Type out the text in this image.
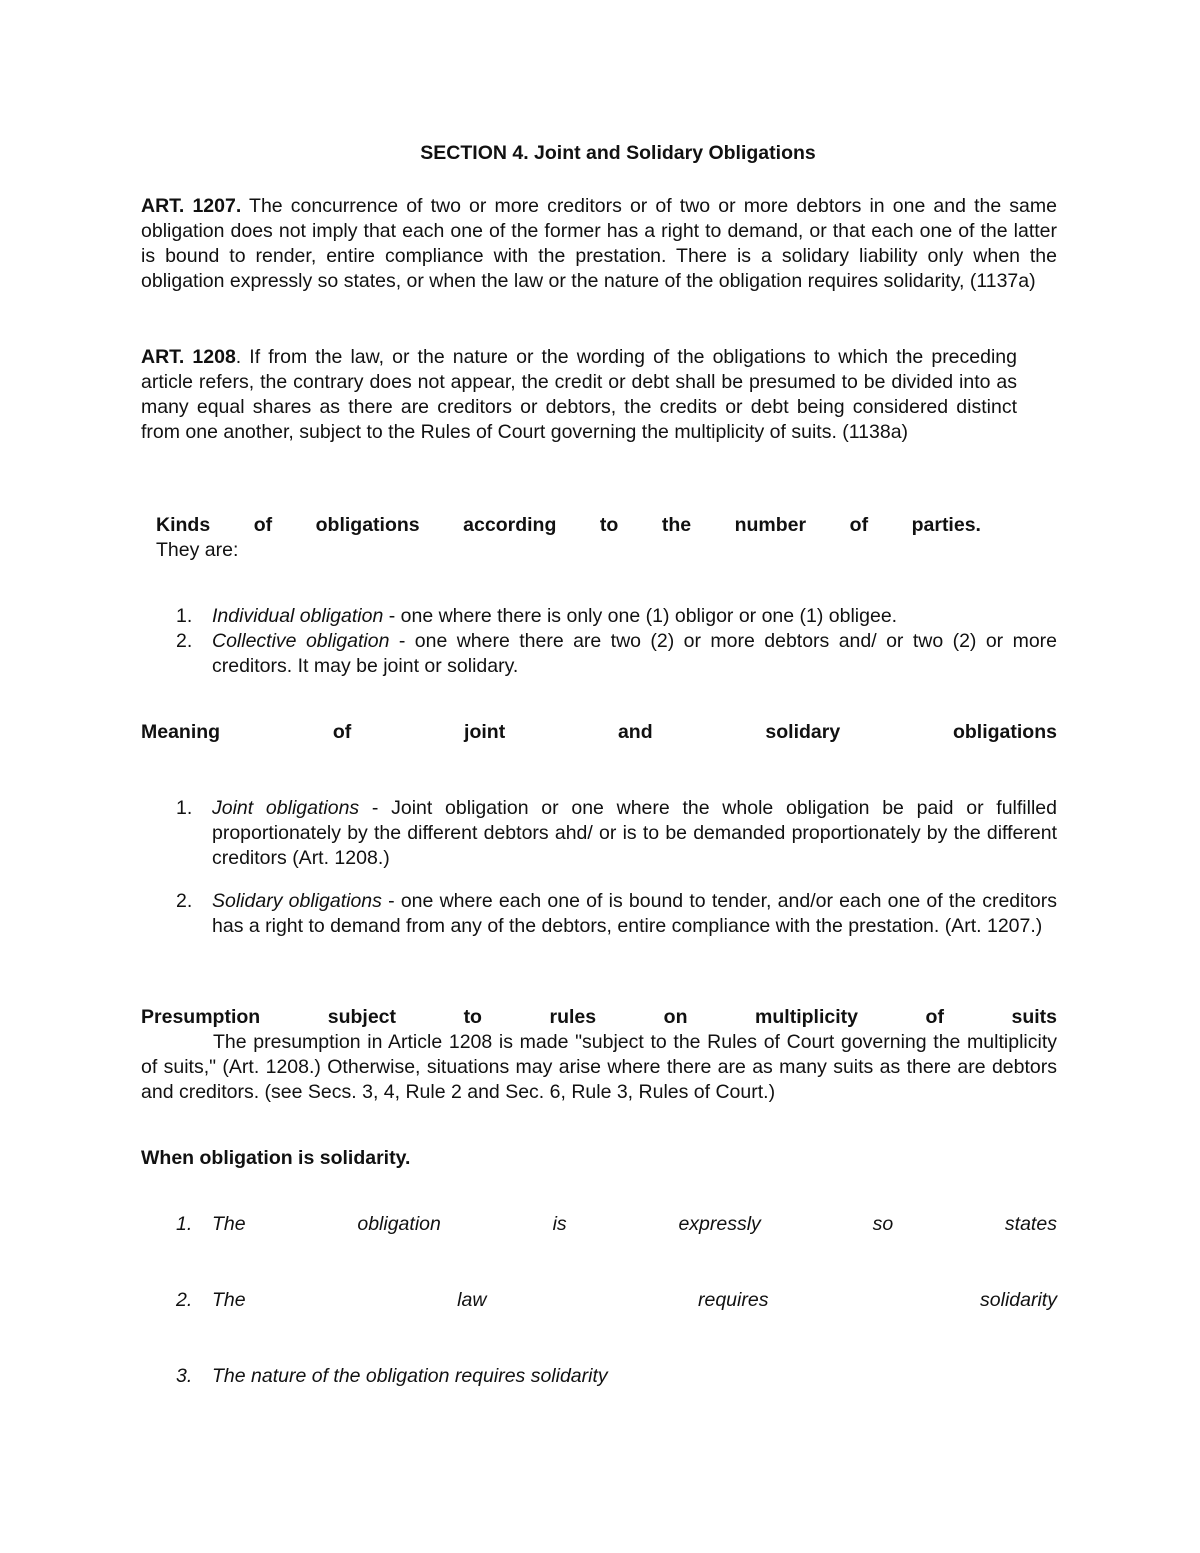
SECTION 4. Joint and Solidary Obligations

ART. 1207. The concurrence of two or more creditors or of two or more debtors in one and the same obligation does not imply that each one of the former has a right to demand, or that each one of the latter is bound to render, entire compliance with the prestation. There is a solidary liability only when the obligation expressly so states, or when the law or the nature of the obligation requires solidarity, (1137a)

ART. 1208. If from the law, or the nature or the wording of the obligations to which the preceding article refers, the contrary does not appear, the credit or debt shall be presumed to be divided into as many equal shares as there are creditors or debtors, the credits or debt being considered distinct from one another, subject to the Rules of Court governing the multiplicity of suits. (1138a)

Kinds of obligations according to the number of parties.
They are:
1.	Individual obligation - one where there is only one (1) obligor or one (1) obligee.
2.	Collective obligation - one where there are two (2) or more debtors and/ or two (2) or more creditors. It may be joint or solidary.
Meaning	of	joint	and	solidary	obligations
1.	Joint obligations - Joint obligation or one where the whole obligation be paid or fulfilled proportionately by the different debtors ahd/ or is to be demanded proportionately by the different creditors (Art. 1208.)
2.	Solidary obligations - one where each one of is bound to tender, and/or each one of the creditors has a right to demand from any of the debtors, entire compliance with the prestation. (Art. 1207.)
Presumption	subject	to	rules	on	multiplicity	of	suits

The presumption in Article 1208 is made "subject to the Rules of Court governing the multiplicity of suits," (Art. 1208.) Otherwise, situations may arise where there are as many suits as there are debtors and creditors. (see Secs. 3, 4, Rule 2 and Sec. 6, Rule 3, Rules of Court.)

When obligation is solidarity.
1.	The	obligation	is	expressly	so	states
2.	The	law	requires	solidarity
3.	The nature of the obligation requires solidarity
